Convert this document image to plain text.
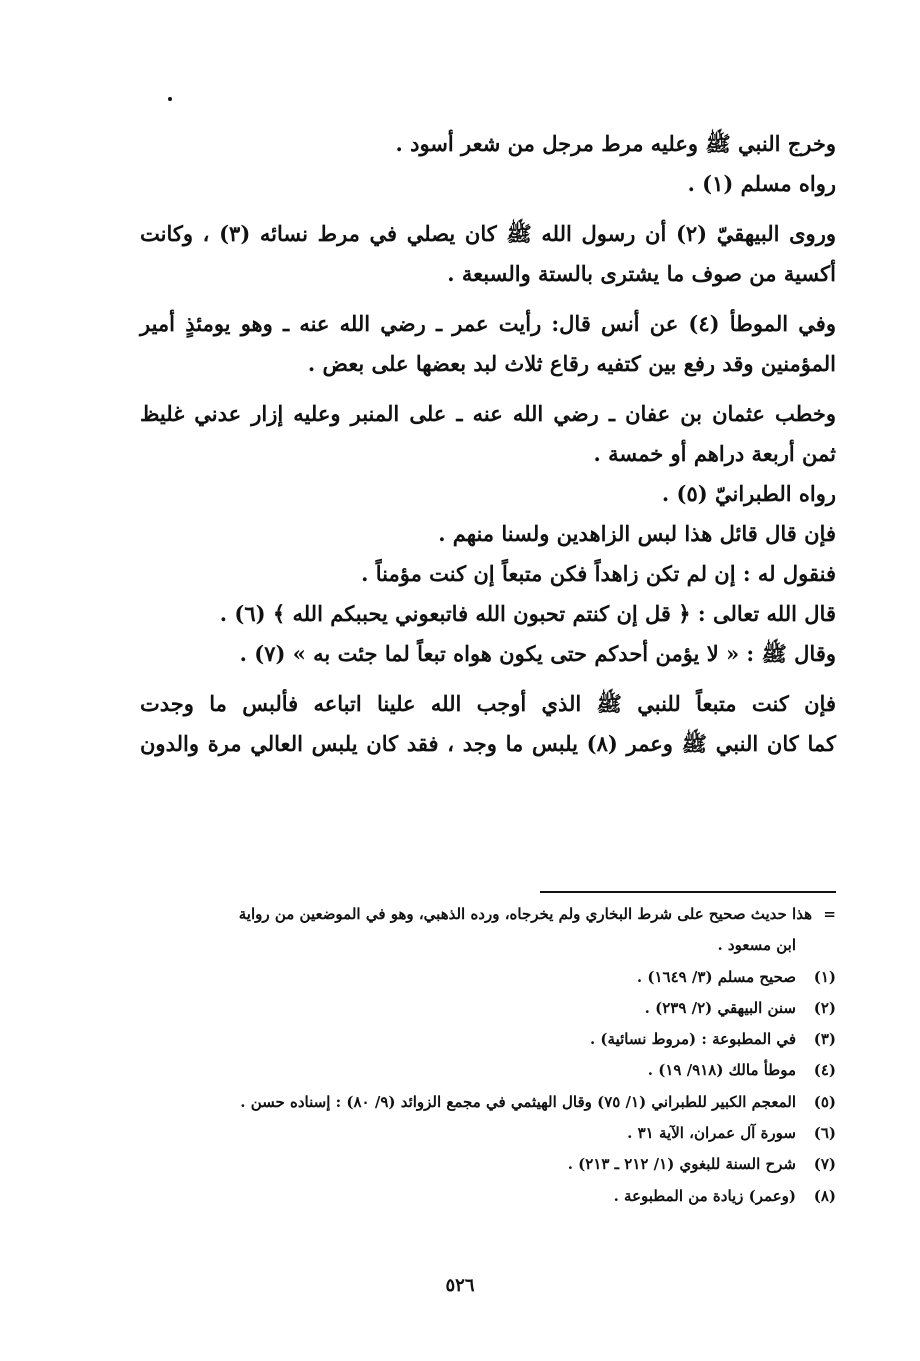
وخرج النبي ﷺ وعليه مرط مرجل من شعر أسود .
رواه مسلم (١) .
وروى البيهقيّ (٢) أن رسول الله ﷺ كان يصلي في مرط نسائه (٣) ، وكانت
أكسية من صوف ما يشترى بالستة والسبعة .
وفي الموطأ (٤) عن أنس قال: رأيت عمر ـ رضي الله عنه ـ وهو يومئذٍ أمير
المؤمنين وقد رفع بين كتفيه رقاع ثلاث لبد بعضها على بعض .
وخطب عثمان بن عفان ـ رضي الله عنه ـ على المنبر وعليه إزار عدني غليظ
ثمن أربعة دراهم أو خمسة .
رواه الطبرانيّ (٥) .
فإن قال قائل هذا لبس الزاهدين ولسنا منهم .
فنقول له : إن لم تكن زاهداً فكن متبعاً إن كنت مؤمناً .
قال الله تعالى : ﴿ قل إن كنتم تحبون الله فاتبعوني يحببكم الله ﴾ (٦) .
وقال ﷺ : « لا يؤمن أحدكم حتى يكون هواه تبعاً لما جئت به » (٧) .
فإن كنت متبعاً للنبي ﷺ الذي أوجب الله علينا اتباعه فألبس ما وجدت
كما كان النبي ﷺ وعمر (٨) يلبس ما وجد ، فقد كان يلبس العالي مرة والدون
=هذا حديث صحيح على شرط البخاري ولم يخرجاه، ورده الذهبي، وهو في الموضعين من رواية
ابن مسعود .
(١)صحيح مسلم (٣/ ١٦٤٩) .
(٢)سنن البيهقي (٢/ ٢٣٩) .
(٣)في المطبوعة : (مروط نسائية) .
(٤)موطأ مالك (٩١٨/ ١٩) .
(٥)المعجم الكبير للطبراني (١/ ٧٥) وقال الهيثمي في مجمع الزوائد (٩/ ٨٠) : إسناده حسن .
(٦)سورة آل عمران، الآية ٣١ .
(٧)شرح السنة للبغوي (١/ ٢١٢ ـ ٢١٣) .
(٨)(وعمر) زيادة من المطبوعة .
٥٢٦
